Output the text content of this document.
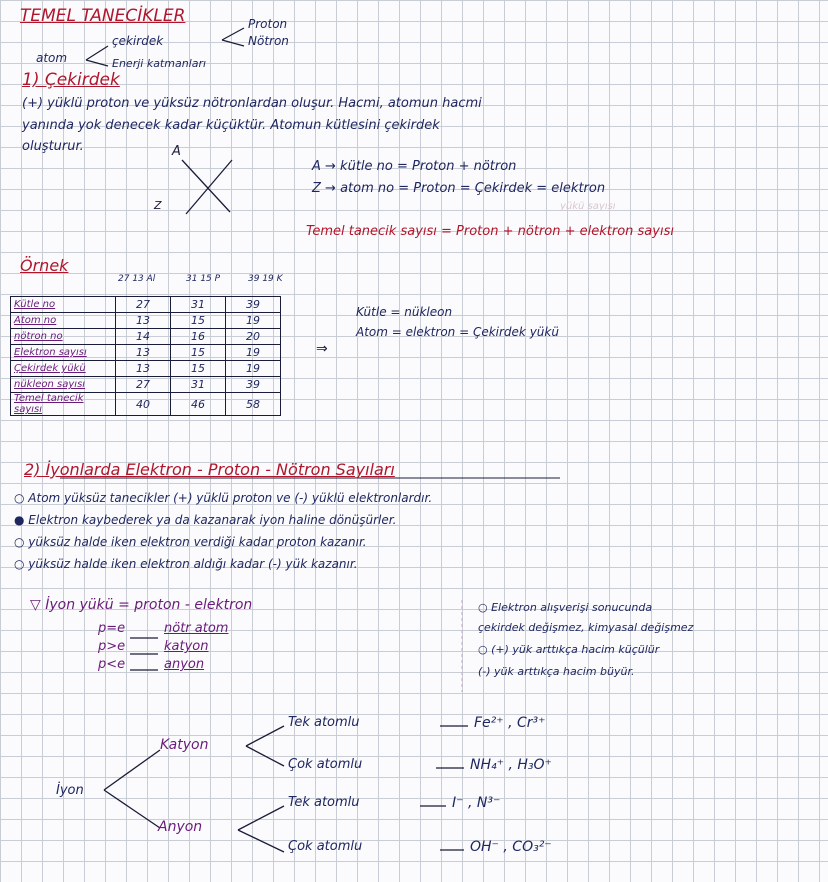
TEMEL TANECİKLER	Proton
Nötron
çekirdek
atom	Enerji katmanları
1) Çekirdek
(+) yüklü proton ve yüksüz nötronlardan oluşur. Hacmi, atomun hacmi
yanında yok denecek kadar küçüktür. Atomun kütlesini çekirdek
oluşturur.	A
Z
A → kütle no = Proton + nötron
Z → atom no = Proton = Çekirdek = elektron
yükü sayısı
Temel tanecik sayısı = Proton + nötron + elektron sayısı
Örnek
27 13 Al	31 15 P	39 19 K
Kütle no	27	31	39
Atom no	13	15	19
nötron no	14	16	20
Elektron sayısı	13	15	19
Çekirdek yükü	13	15	19
nükleon sayısı	27	31	39
Temel tanecik sayısı	40	46	58
⇒
Kütle = nükleon
Atom = elektron = Çekirdek yükü
2) İyonlarda Elektron - Proton - Nötron Sayıları
○ Atom yüksüz tanecikler (+) yüklü proton ve (-) yüklü elektronlardır.
● Elektron kaybederek ya da kazanarak iyon haline dönüşürler.
○ yüksüz halde iken elektron verdiği kadar proton kazanır.
○ yüksüz halde iken elektron aldığı kadar (-) yük kazanır.
▽ İyon yükü = proton - elektron
p=e	nötr atom
p>e	katyon
p<e	anyon
○ Elektron alışverişi sonucunda
çekirdek değişmez, kimyasal değişmez
○ (+) yük arttıkça hacim küçülür
(-) yük arttıkça hacim büyür.
İyon
Katyon
Anyon
Tek atomlu	Fe²⁺ , Cr³⁺
Çok atomlu	NH₄⁺ , H₃O⁺
Tek atomlu	I⁻ , N³⁻
Çok atomlu	OH⁻ , CO₃²⁻
